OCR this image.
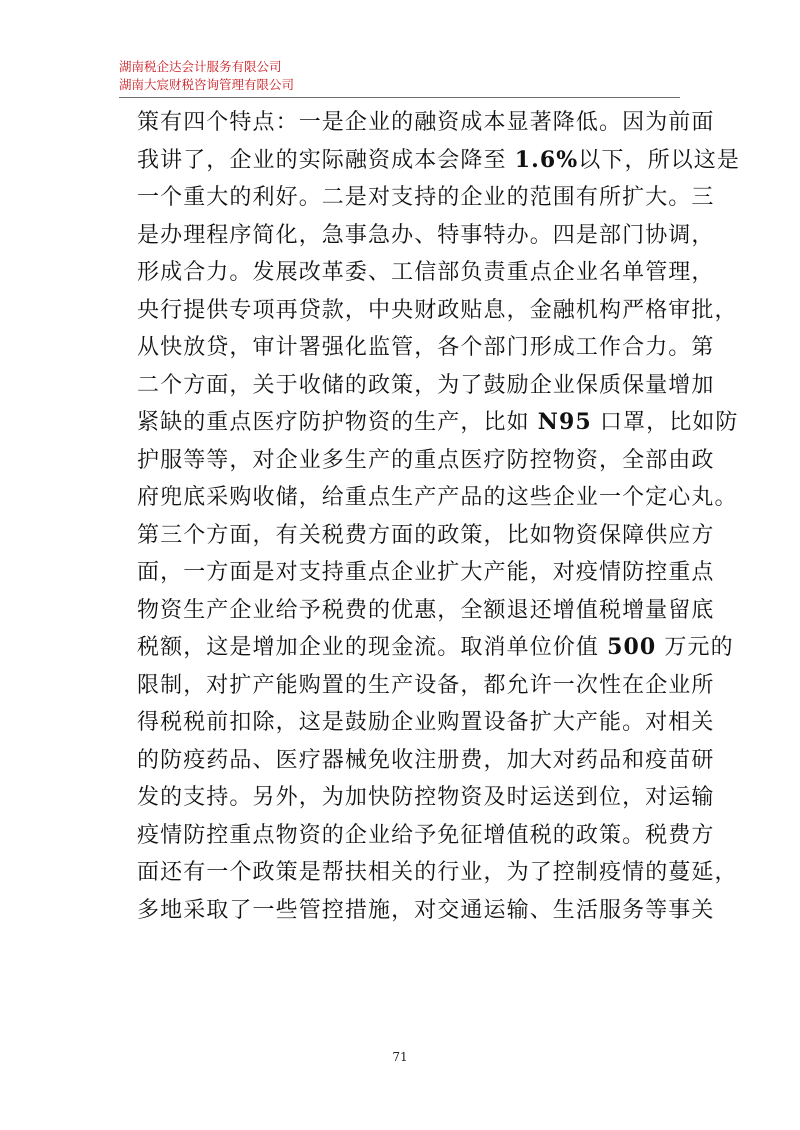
湖南税企达会计服务有限公司
湖南大宸财税咨询管理有限公司
策有四个特点：一是企业的融资成本显著降低。因为前面
我讲了，企业的实际融资成本会降至 1.6%以下，所以这是
一个重大的利好。二是对支持的企业的范围有所扩大。三
是办理程序简化，急事急办、特事特办。四是部门协调，
形成合力。发展改革委、工信部负责重点企业名单管理，
央行提供专项再贷款，中央财政贴息，金融机构严格审批，
从快放贷，审计署强化监管，各个部门形成工作合力。第
二个方面，关于收储的政策，为了鼓励企业保质保量增加
紧缺的重点医疗防护物资的生产，比如 N95 口罩，比如防
护服等等，对企业多生产的重点医疗防控物资，全部由政
府兜底采购收储，给重点生产产品的这些企业一个定心丸。
第三个方面，有关税费方面的政策，比如物资保障供应方
面，一方面是对支持重点企业扩大产能，对疫情防控重点
物资生产企业给予税费的优惠，全额退还增值税增量留底
税额，这是增加企业的现金流。取消单位价值 500 万元的
限制，对扩产能购置的生产设备，都允许一次性在企业所
得税税前扣除，这是鼓励企业购置设备扩大产能。对相关
的防疫药品、医疗器械免收注册费，加大对药品和疫苗研
发的支持。另外，为加快防控物资及时运送到位，对运输
疫情防控重点物资的企业给予免征增值税的政策。税费方
面还有一个政策是帮扶相关的行业，为了控制疫情的蔓延，
多地采取了一些管控措施，对交通运输、生活服务等事关
71
